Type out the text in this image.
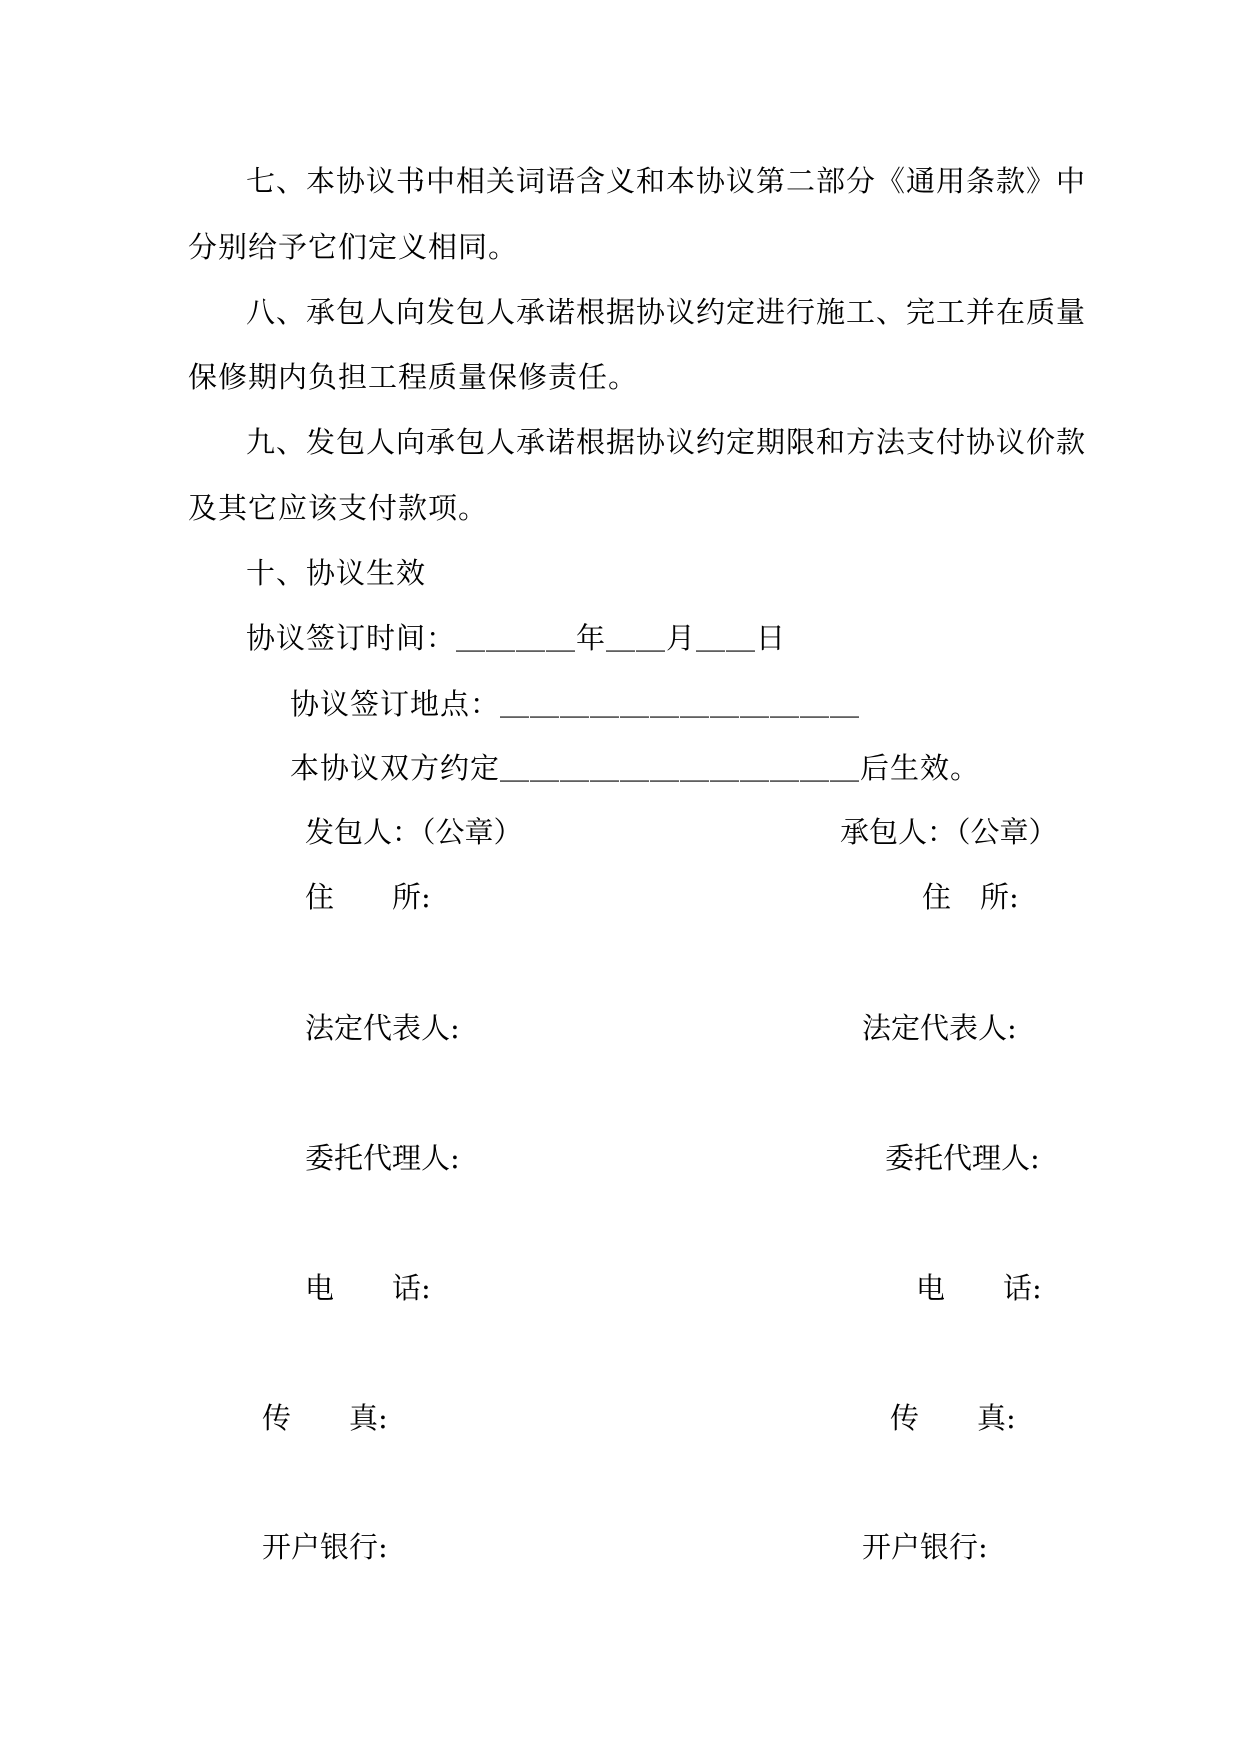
七、本协议书中相关词语含义和本协议第二部分《通用条款》中
分别给予它们定义相同。
八、承包人向发包人承诺根据协议约定进行施工、完工并在质量
保修期内负担工程质量保修责任。
九、发包人向承包人承诺根据协议约定期限和方法支付协议价款
及其它应该支付款项。
十、协议生效
协议签订时间：＿＿＿＿年＿＿月＿＿日
协议签订地点：＿＿＿＿＿＿＿＿＿＿＿＿
本协议双方约定＿＿＿＿＿＿＿＿＿＿＿＿后生效。
发包人：（公章）
住　　所:
法定代表人:
委托代理人:
电　　话:
传　　真:
开户银行:
承包人：（公章）
住　所:
法定代表人:
委托代理人:
电　　话:
传　　真:
开户银行:
